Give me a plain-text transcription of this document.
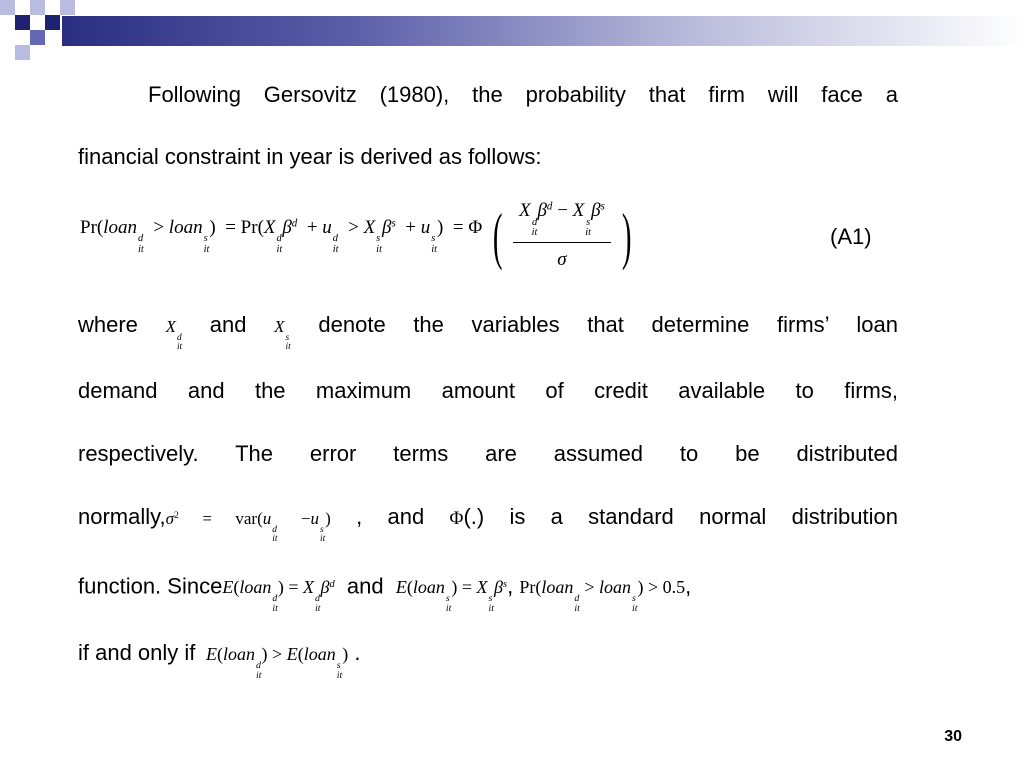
Following Gersovitz (1980), the probability that firm will face a
financial constraint in year is derived as follows:
Pr(loan
d
it
> loan
s
it
)  = Pr(X
d
it
$\beta^d + u$
d
it
> X
s
it
$\beta^s + u$
s
it
)  = Φ ( X
d
it
$\beta^d - X$
s
it
$\beta^s$
σ )	(A1)
where X
d
it
and X
s
it
denote the variables that determine firms’ loan
demand and the maximum amount of credit available to firms,
respectively. The error terms are assumed to be distributed
$normally,\sigma^2 = var(u$
d
it
−u
s
it
) , and Φ(.) is a standard normal distribution
function. SinceE(loan
d
it
) = X
d
it
$\beta^d$ and E(loan
s
it
) = X
s
it
$\beta^s$, Pr(loan
d
it
> loan
s
it
) > 0.5,
if and only if E(loan
d
it
) > E(loan
s
it
) .
30
